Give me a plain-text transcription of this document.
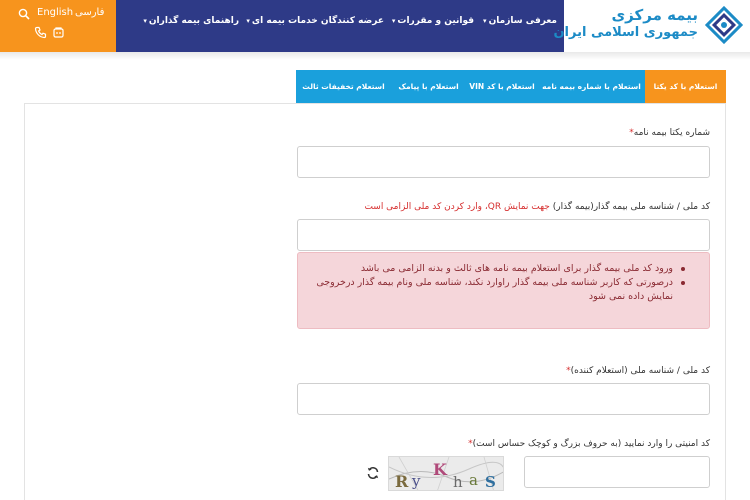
English فارسی
معرفی سازمان▾
قوانین و مقررات▾
عرضه کنندگان خدمات بیمه ای▾
راهنمای بیمه گذاران▾	بیمه مرکزی
جمهوری اسلامی ایران
استعلام با کد یکتا
استعلام با شماره بیمه نامه
استعلام با کد VIN
استعلام با پیامک
استعلام تخفیفات ثالث
شماره یکتا بیمه نامه*
کد ملی / شناسه ملی بیمه گذار(بیمه گذار) جهت نمایش QR، وارد کردن کد ملی الزامی است
ورود کد ملی بیمه گذار برای استعلام بیمه نامه های ثالث و بدنه الزامی می باشد
درصورتی که کاربر شناسه ملی بیمه گذار راوارد نکند، شناسه ملی ونام بیمه گذار درخروجی نمایش داده نمی شود
کد ملی / شناسه ملی (استعلام کننده)*
کد امنیتی را وارد نمایید (به حروف بزرگ و کوچک حساس است)*
R y
K
h a S
